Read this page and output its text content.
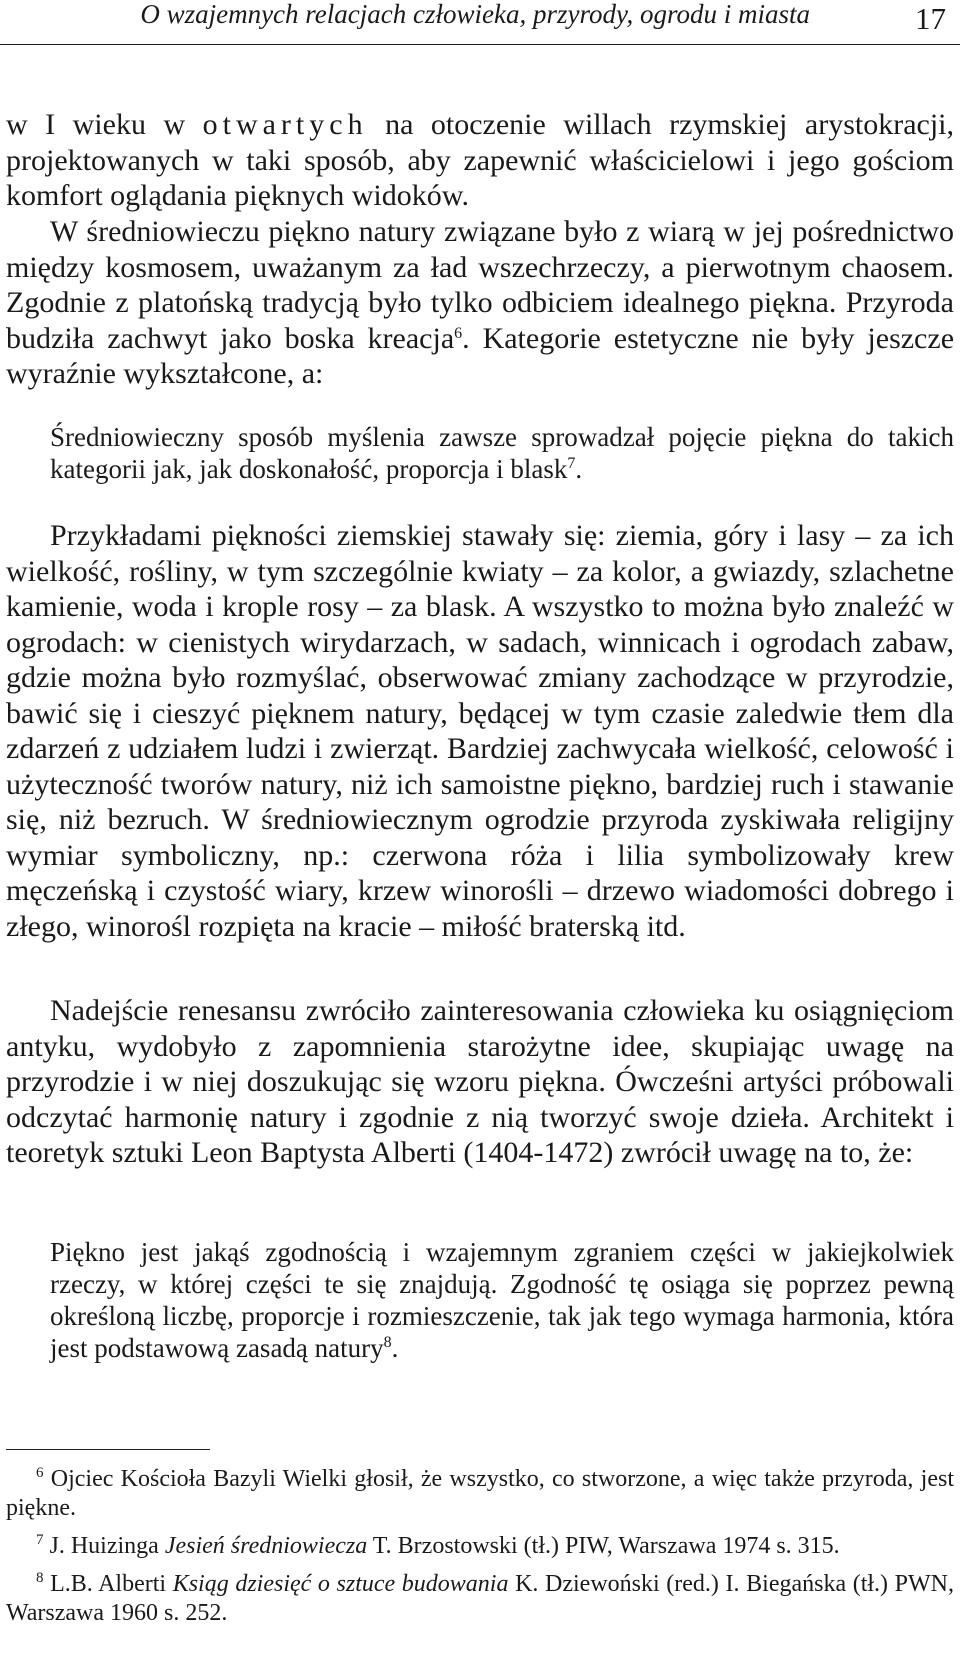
O wzajemnych relacjach człowieka, przyrody, ogrodu i miasta	17

w I wieku w otwartych na otoczenie willach rzymskiej arystokracji, projektowanych w taki sposób, aby zapewnić właścicielowi i jego gościom komfort oglądania pięknych widoków.

W średniowieczu piękno natury związane było z wiarą w jej pośrednictwo między kosmosem, uważanym za ład wszechrzeczy, a pierwotnym chaosem. Zgodnie z platońską tradycją było tylko odbiciem idealnego piękna. Przyroda budziła zachwyt jako boska kreacja$^6$. Kategorie estetyczne nie były jeszcze wyraźnie wykształcone, a:

Średniowieczny sposób myślenia zawsze sprowadzał pojęcie piękna do takich kategorii jak, jak doskonałość, proporcja i blask$^7$.

Przykładami piękności ziemskiej stawały się: ziemia, góry i lasy – za ich wielkość, rośliny, w tym szczególnie kwiaty – za kolor, a gwiazdy, szlachetne kamienie, woda i krople rosy – za blask. A wszystko to można było znaleźć w ogrodach: w cienistych wirydarzach, w sadach, winnicach i ogrodach zabaw, gdzie można było rozmyślać, obserwować zmiany zachodzące w przyrodzie, bawić się i cieszyć pięknem natury, będącej w tym czasie zaledwie tłem dla zdarzeń z udziałem ludzi i zwierząt. Bardziej zachwycała wielkość, celowość i użyteczność tworów natury, niż ich samoistne piękno, bardziej ruch i stawanie się, niż bezruch. W średniowiecznym ogrodzie przyroda zyskiwała religijny wymiar symboliczny, np.: czerwona róża i lilia symbolizowały krew męczeńską i czystość wiary, krzew winorośli – drzewo wiadomości dobrego i złego, winorośl rozpięta na kracie – miłość braterską itd.

Nadejście renesansu zwróciło zainteresowania człowieka ku osiągnięciom antyku, wydobyło z zapomnienia starożytne idee, skupiając uwagę na przyrodzie i w niej doszukując się wzoru piękna. Ówcześni artyści próbowali odczytać harmonię natury i zgodnie z nią tworzyć swoje dzieła. Architekt i teoretyk sztuki Leon Baptysta Alberti (1404-1472) zwrócił uwagę na to, że:

Piękno jest jakąś zgodnością i wzajemnym zgraniem części w jakiejkolwiek rzeczy, w której części te się znajdują. Zgodność tę osiąga się poprzez pewną określoną liczbę, proporcje i rozmieszczenie, tak jak tego wymaga harmonia, która jest podstawową zasadą natury$^8$.

$^6$ Ojciec Kościoła Bazyli Wielki głosił, że wszystko, co stworzone, a więc także przyroda, jest piękne.

$^7$ J. Huizinga Jesień średniowiecza T. Brzostowski (tł.) PIW, Warszawa 1974 s. 315.

$^8$ L.B. Alberti Ksiąg dziesięć o sztuce budowania K. Dziewoński (red.) I. Biegańska (tł.) PWN, Warszawa 1960 s. 252.
